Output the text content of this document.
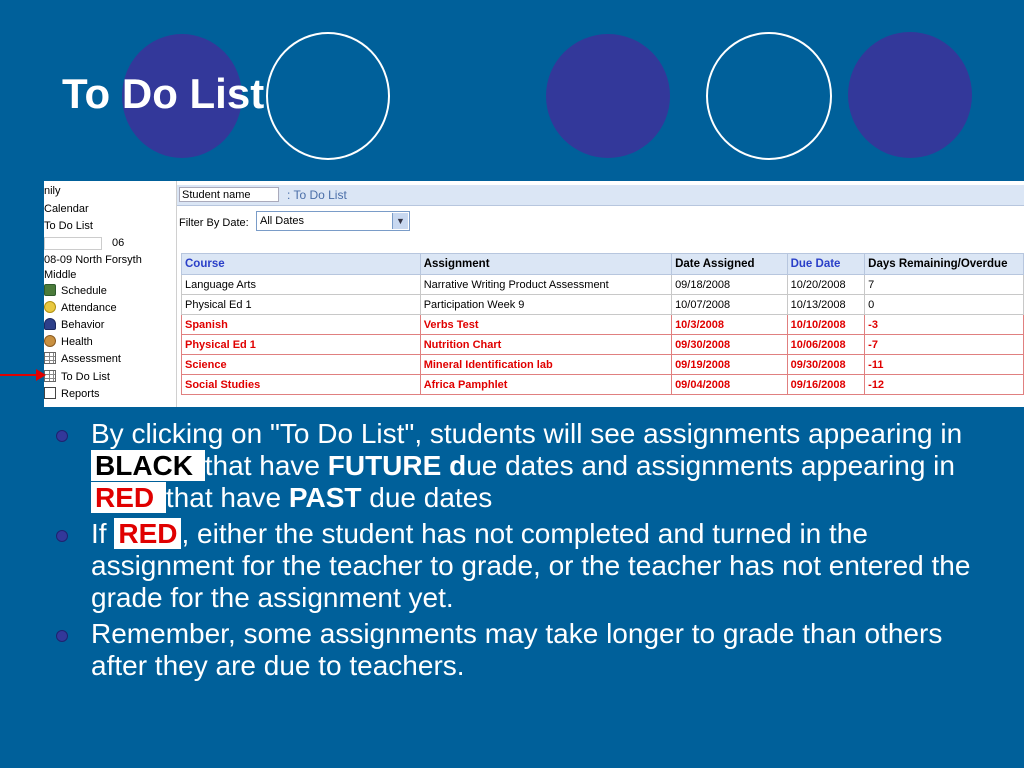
To Do List
nily
Calendar
To Do List
06
08-09 North Forsyth
Middle
Schedule
Attendance
Behavior
Health
Assessment
To Do List
Reports
Student name	: To Do List
Filter By Date:	All Dates	▼
Course	Assignment	Date Assigned	Due Date	Days Remaining/Overdue
Language Arts	Narrative Writing Product Assessment	09/18/2008	10/20/2008	7
Physical Ed 1	Participation Week 9	10/07/2008	10/13/2008	0
Spanish	Verbs Test	10/3/2008	10/10/2008	-3
Physical Ed 1	Nutrition Chart	09/30/2008	10/06/2008	-7
Science	Mineral Identification lab	09/19/2008	09/30/2008	-11
Social Studies	Africa Pamphlet	09/04/2008	09/16/2008	-12
By clicking on "To Do List", students will see assignments appearing in BLACK that have FUTURE due dates and assignments appearing in RED that have PAST due dates
If RED , either the student has not completed and turned in the assignment for the teacher to grade, or the teacher has not entered the grade for the assignment yet.
Remember, some assignments may take longer to grade than others after they are due to teachers.
